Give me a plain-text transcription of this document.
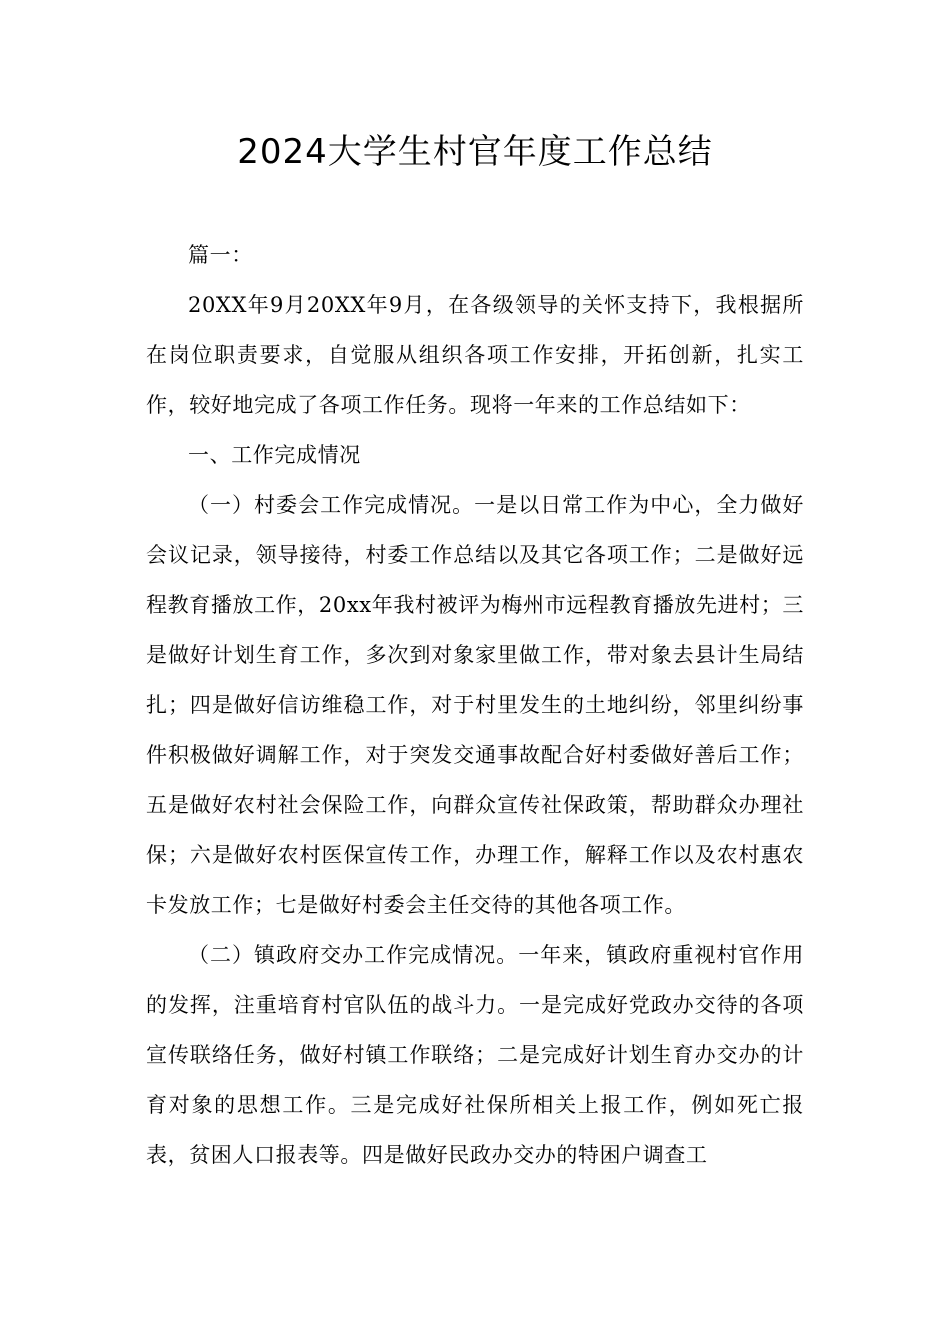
2024大学生村官年度工作总结

篇一：

20XX年9月20XX年9月，在各级领导的关怀支持下，我根据所在岗位职责要求，自觉服从组织各项工作安排，开拓创新，扎实工作，较好地完成了各项工作任务。现将一年来的工作总结如下：

一、工作完成情况

（一）村委会工作完成情况。一是以日常工作为中心，全力做好会议记录，领导接待，村委工作总结以及其它各项工作；二是做好远程教育播放工作，20xx年我村被评为梅州市远程教育播放先进村；三是做好计划生育工作，多次到对象家里做工作，带对象去县计生局结扎；四是做好信访维稳工作，对于村里发生的土地纠纷，邻里纠纷事件积极做好调解工作，对于突发交通事故配合好村委做好善后工作；五是做好农村社会保险工作，向群众宣传社保政策，帮助群众办理社保；六是做好农村医保宣传工作，办理工作，解释工作以及农村惠农卡发放工作；七是做好村委会主任交待的其他各项工作。

（二）镇政府交办工作完成情况。一年来，镇政府重视村官作用的发挥，注重培育村官队伍的战斗力。一是完成好党政办交待的各项宣传联络任务，做好村镇工作联络；二是完成好计划生育办交办的计育对象的思想工作。三是完成好社保所相关上报工作，例如死亡报表，贫困人口报表等。四是做好民政办交办的特困户调查工
